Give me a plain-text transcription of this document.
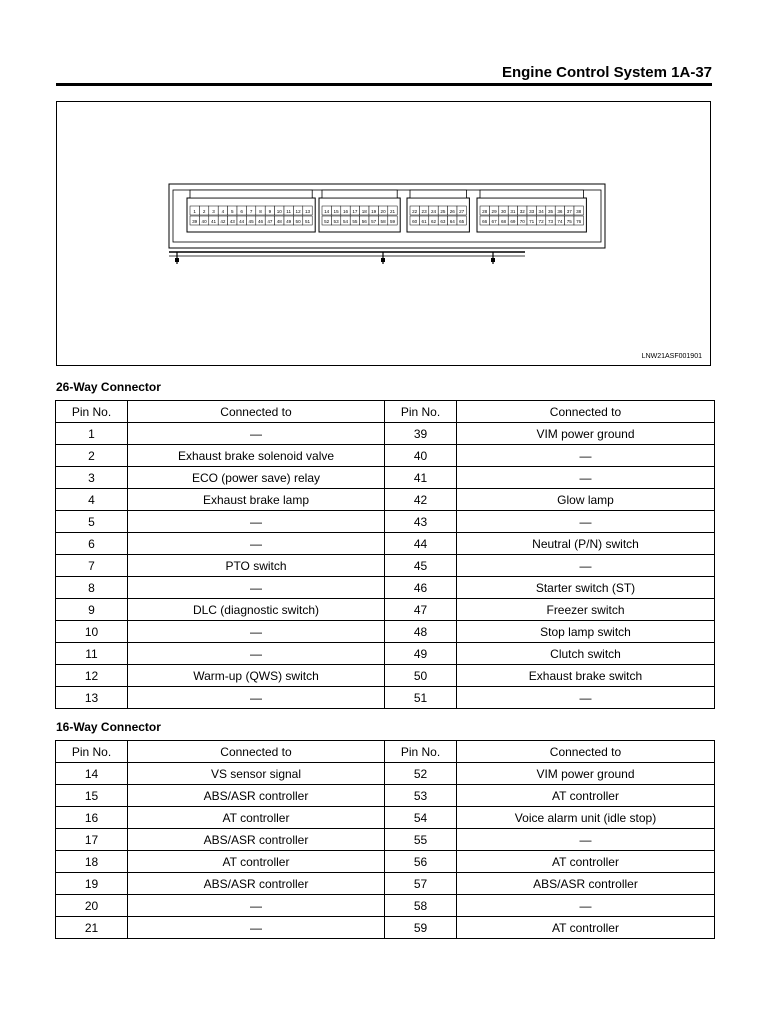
Engine Control System 1A-37
1 2 3 4 5 6 7 8 9 10 11 12 13
39 40 41 42 43 44 45 46 47 48 49 50 51
14 15 16 17 18 19 20 21
52 53 54 55 56 57 58 59
22 23 24 25 26 27
60 61 62 63 64 65
28 29 30 31 32 33 34 35 36 37 38
66 67 68 69 70 71 72 73 74 75 76
LNW21ASF001901
26-Way Connector
Pin No.	Connected to	Pin No.	Connected to
1	—	39	VIM power ground
2	Exhaust brake solenoid valve	40	—
3	ECO (power save) relay	41	—
4	Exhaust brake lamp	42	Glow lamp
5	—	43	—
6	—	44	Neutral (P/N) switch
7	PTO switch	45	—
8	—	46	Starter switch (ST)
9	DLC (diagnostic switch)	47	Freezer switch
10	—	48	Stop lamp switch
11	—	49	Clutch switch
12	Warm-up (QWS) switch	50	Exhaust brake switch
13	—	51	—
16-Way Connector
Pin No.	Connected to	Pin No.	Connected to
14	VS sensor signal	52	VIM power ground
15	ABS/ASR controller	53	AT controller
16	AT controller	54	Voice alarm unit (idle stop)
17	ABS/ASR controller	55	—
18	AT controller	56	AT controller
19	ABS/ASR controller	57	ABS/ASR controller
20	—	58	—
21	—	59	AT controller
